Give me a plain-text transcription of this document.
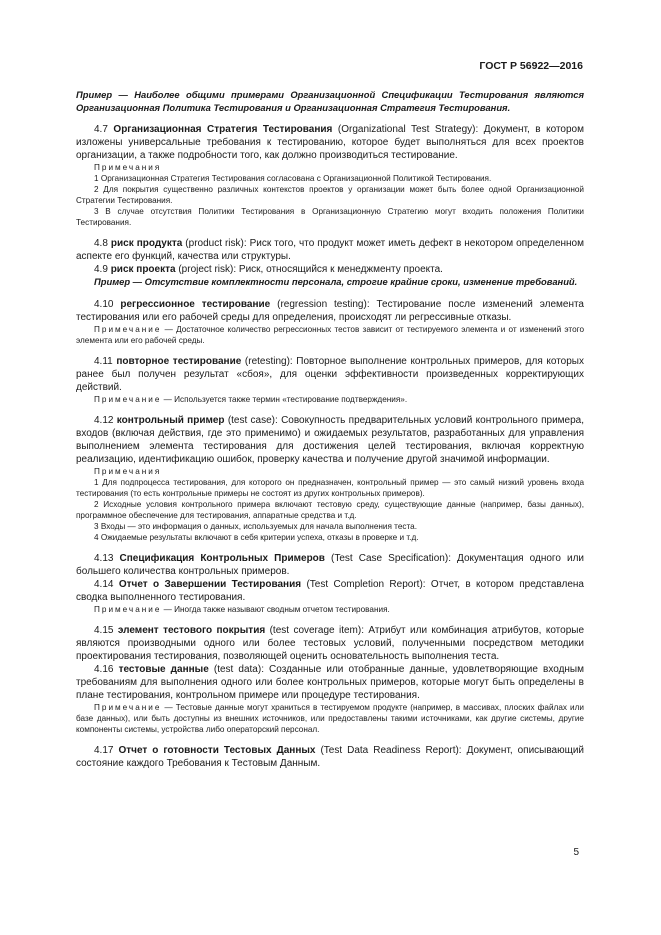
ГОСТ Р 56922—2016

Пример — Наиболее общими примерами Организационной Спецификации Тестирования являются Организационная Политика Тестирования и Организационная Стратегия Тестирования.

4.7 Организационная Стратегия Тестирования (Organizational Test Strategy): Документ, в котором изложены универсальные требования к тестированию, которое будет выполняться для всех проектов организации, а также подробности того, как должно производиться тестирование.

Примечания

1 Организационная Стратегия Тестирования согласована с Организационной Политикой Тестирования.

2 Для покрытия существенно различных контекстов проектов у организации может быть более одной Организационной Стратегии Тестирования.

3 В случае отсутствия Политики Тестирования в Организационную Стратегию могут входить положения Политики Тестирования.

4.8 риск продукта (product risk): Риск того, что продукт может иметь дефект в некотором определенном аспекте его функций, качества или структуры.

4.9 риск проекта (project risk): Риск, относящийся к менеджменту проекта.

Пример — Отсутствие комплектности персонала, строгие крайние сроки, изменение требований.

4.10 регрессионное тестирование (regression testing): Тестирование после изменений элемента тестирования или его рабочей среды для определения, происходят ли регрессивные отказы.

Примечание — Достаточное количество регрессионных тестов зависит от тестируемого элемента и от изменений этого элемента или его рабочей среды.

4.11 повторное тестирование (retesting): Повторное выполнение контрольных примеров, для которых ранее был получен результат «сбоя», для оценки эффективности произведенных корректирующих действий.

Примечание — Используется также термин «тестирование подтверждения».

4.12 контрольный пример (test case): Совокупность предварительных условий контрольного примера, входов (включая действия, где это применимо) и ожидаемых результатов, разработанных для управления выполнением элемента тестирования для достижения целей тестирования, включая корректную реализацию, идентификацию ошибок, проверку качества и получение другой значимой информации.

Примечания

1 Для подпроцесса тестирования, для которого он предназначен, контрольный пример — это самый низкий уровень входа тестирования (то есть контрольные примеры не состоят из других контрольных примеров).

2 Исходные условия контрольного примера включают тестовую среду, существующие данные (например, базы данных), программное обеспечение для тестирования, аппаратные средства и т.д.

3 Входы — это информация о данных, используемых для начала выполнения теста.

4 Ожидаемые результаты включают в себя критерии успеха, отказы в проверке и т.д.

4.13 Спецификация Контрольных Примеров (Test Case Specification): Документация одного или большего количества контрольных примеров.

4.14 Отчет о Завершении Тестирования (Test Completion Report): Отчет, в котором представлена сводка выполненного тестирования.

Примечание — Иногда также называют сводным отчетом тестирования.

4.15 элемент тестового покрытия (test coverage item): Атрибут или комбинация атрибутов, которые являются производными одного или более тестовых условий, полученными посредством методики проектирования тестирования, позволяющей оценить основательность выполнения теста.

4.16 тестовые данные (test data): Созданные или отобранные данные, удовлетворяющие входным требованиям для выполнения одного или более контрольных примеров, которые могут быть определены в плане тестирования, контрольном примере или процедуре тестирования.

Примечание — Тестовые данные могут храниться в тестируемом продукте (например, в массивах, плоских файлах или базе данных), или быть доступны из внешних источников, или предоставлены такими источниками, как другие системы, другие компоненты системы, устройства либо операторский персонал.

4.17 Отчет о готовности Тестовых Данных (Test Data Readiness Report): Документ, описывающий состояние каждого Требования к Тестовым Данным.

5
